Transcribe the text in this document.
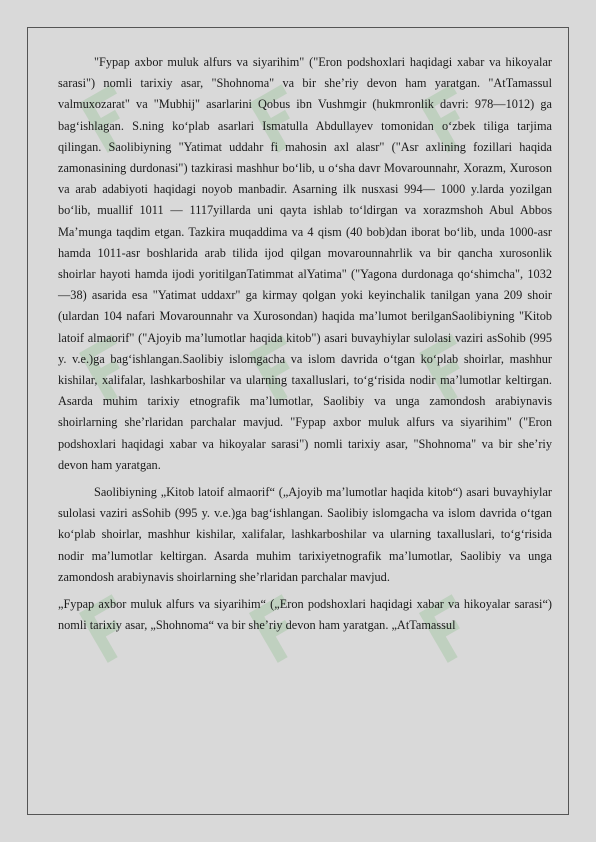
"Fypap axbor muluk alfurs va siyarihim" ("Eron podshoxlari haqidagi xabar va hikoyalar sarasi") nomli tarixiy asar, "Shohnoma" va bir she’riy devon ham yaratgan. "AtTamassul valmuxozarat" va "Mubhij" asarlarini Qobus ibn Vushmgir (hukmronlik davri: 978—1012) ga bag‘ishlagan. S.ning ko‘plab asarlari Ismatulla Abdullayev tomonidan o‘zbek tiliga tarjima qilingan. Saolibiyning "Yatimat uddahr fi mahosin axl alasr" ("Asr axlining fozillari haqida zamonasining durdonasi") tazkirasi mashhur bo‘lib, u o‘sha davr Movarounnahr, Xorazm, Xuroson va arab adabiyoti haqidagi noyob manbadir. Asarning ilk nusxasi 994— 1000 y.larda yozilgan bo‘lib, muallif 1011 — 1117yillarda uni qayta ishlab to‘ldirgan va xorazmshoh Abul Abbos Ma’munga taqdim etgan. Tazkira muqaddima va 4 qism (40 bob)dan iborat bo‘lib, unda 1000-asr hamda 1011-asr boshlarida arab tilida ijod qilgan movarounnahrlik va bir qancha xurosonlik shoirlar hayoti hamda ijodi yoritilganTatimmat alYatima" ("Yagona durdonaga qo‘shimcha", 1032—38) asarida esa "Yatimat uddaxr" ga kirmay qolgan yoki keyinchalik tanilgan yana 209 shoir (ulardan 104 nafari Movarounnahr va Xurosondan) haqida ma’lumot berilganSaolibiyning "Kitob latoif almaorif" ("Ajoyib ma’lumotlar haqida kitob") asari buvayhiylar sulolasi vaziri asSohib (995 y. v.e.)ga bag‘ishlangan.Saolibiy islomgacha va islom davrida o‘tgan ko‘plab shoirlar, mashhur kishilar, xalifalar, lashkarboshilar va ularning taxalluslari, to‘g‘risida nodir ma’lumotlar keltirgan. Asarda muhim tarixiy etnografik ma’lumotlar, Saolibiy va unga zamondosh arabiynavis shoirlarning she’rlaridan parchalar mavjud. "Fypap axbor muluk alfurs va siyarihim" ("Eron podshoxlari haqidagi xabar va hikoyalar sarasi") nomli tarixiy asar, "Shohnoma" va bir she’riy devon ham yaratgan.

Saolibiyning „Kitob latoif almaorif“ („Ajoyib ma’lumotlar haqida kitob“) asari buvayhiylar sulolasi vaziri asSohib (995 y. v.e.)ga bag‘ishlangan. Saolibiy islomgacha va islom davrida o‘tgan ko‘plab shoirlar, mashhur kishilar, xalifalar, lashkarboshilar va ularning taxalluslari, to‘g‘risida nodir ma’lumotlar keltirgan. Asarda muhim tarixiyetnografik ma’lumotlar, Saolibiy va unga zamondosh arabiynavis shoirlarning she’rlaridan parchalar mavjud.

„Fypap axbor muluk alfurs va siyarihim“ („Eron podshoxlari haqidagi xabar va hikoyalar sarasi“) nomli tarixiy asar, „Shohnoma“ va bir she’riy devon ham yaratgan. „AtTamassul
